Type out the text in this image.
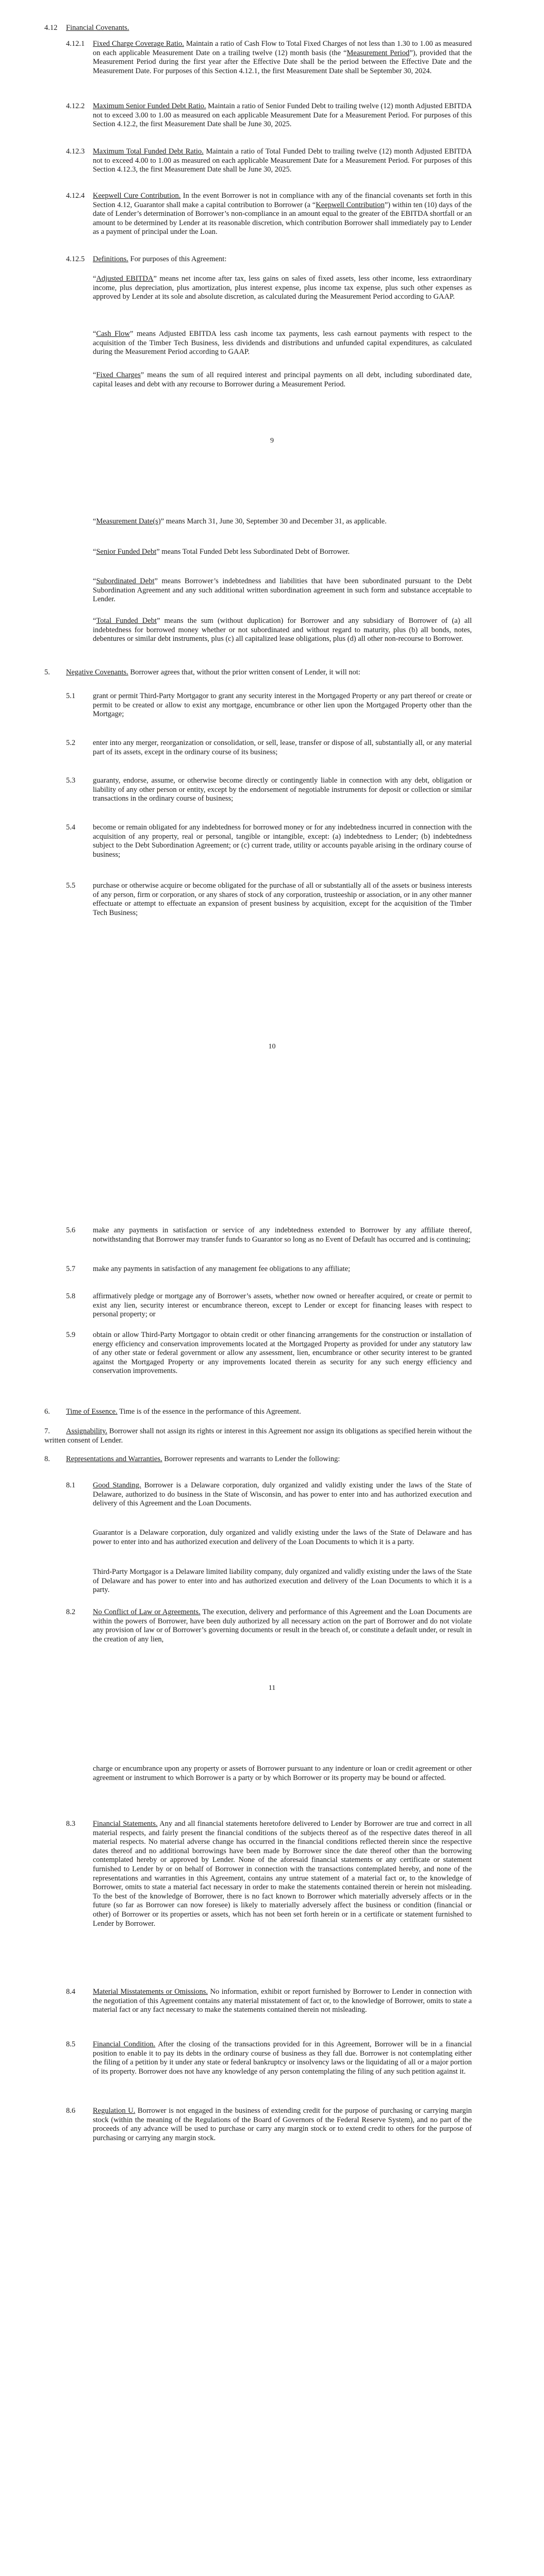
4.12 Financial Covenants.
4.12.1 Fixed Charge Coverage Ratio. Maintain a ratio of Cash Flow to Total Fixed Charges of not less than 1.30 to 1.00 as measured on each applicable Measurement Date on a trailing twelve (12) month basis (the “Measurement Period”), provided that the Measurement Period during the first year after the Effective Date shall be the period between the Effective Date and the Measurement Date. For purposes of this Section 4.12.1, the first Measurement Date shall be September 30, 2024.

4.12.2 Maximum Senior Funded Debt Ratio. Maintain a ratio of Senior Funded Debt to trailing twelve (12) month Adjusted EBITDA not to exceed 3.00 to 1.00 as measured on each applicable Measurement Date for a Measurement Period. For purposes of this Section 4.12.2, the first Measurement Date shall be June 30, 2025.

4.12.3 Maximum Total Funded Debt Ratio. Maintain a ratio of Total Funded Debt to trailing twelve (12) month Adjusted EBITDA not to exceed 4.00 to 1.00 as measured on each applicable Measurement Date for a Measurement Period. For purposes of this Section 4.12.3, the first Measurement Date shall be June 30, 2025.

4.12.4 Keepwell Cure Contribution. In the event Borrower is not in compliance with any of the financial covenants set forth in this Section 4.12, Guarantor shall make a capital contribution to Borrower (a “Keepwell Contribution”) within ten (10) days of the date of Lender’s determination of Borrower’s non-compliance in an amount equal to the greater of the EBITDA shortfall or an amount to be determined by Lender at its reasonable discretion, which contribution Borrower shall immediately pay to Lender as a payment of principal under the Loan.

4.12.5 Definitions. For purposes of this Agreement:

“Adjusted EBITDA” means net income after tax, less gains on sales of fixed assets, less other income, less extraordinary income, plus depreciation, plus amortization, plus interest expense, plus income tax expense, plus such other expenses as approved by Lender at its sole and absolute discretion, as calculated during the Measurement Period according to GAAP.

“Cash Flow” means Adjusted EBITDA less cash income tax payments, less cash earnout payments with respect to the acquisition of the Timber Tech Business, less dividends and distributions and unfunded capital expenditures, as calculated during the Measurement Period according to GAAP.

“Fixed Charges” means the sum of all required interest and principal payments on all debt, including subordinated date, capital leases and debt with any recourse to Borrower during a Measurement Period.

9

“Measurement Date(s)” means March 31, June 30, September 30 and December 31, as applicable.

“Senior Funded Debt” means Total Funded Debt less Subordinated Debt of Borrower.

“Subordinated Debt” means Borrower’s indebtedness and liabilities that have been subordinated pursuant to the Debt Subordination Agreement and any such additional written subordination agreement in such form and substance acceptable to Lender.

“Total Funded Debt” means the sum (without duplication) for Borrower and any subsidiary of Borrower of (a) all indebtedness for borrowed money whether or not subordinated and without regard to maturity, plus (b) all bonds, notes, debentures or similar debt instruments, plus (c) all capitalized lease obligations, plus (d) all other non-recourse to Borrower.

5. Negative Covenants. Borrower agrees that, without the prior written consent of Lender, it will not:

5.1 grant or permit Third-Party Mortgagor to grant any security interest in the Mortgaged Property or any part thereof or create or permit to be created or allow to exist any mortgage, encumbrance or other lien upon the Mortgaged Property other than the Mortgage;

5.2 enter into any merger, reorganization or consolidation, or sell, lease, transfer or dispose of all, substantially all, or any material part of its assets, except in the ordinary course of its business;

5.3 guaranty, endorse, assume, or otherwise become directly or contingently liable in connection with any debt, obligation or liability of any other person or entity, except by the endorsement of negotiable instruments for deposit or collection or similar transactions in the ordinary course of business;

5.4 become or remain obligated for any indebtedness for borrowed money or for any indebtedness incurred in connection with the acquisition of any property, real or personal, tangible or intangible, except: (a) indebtedness to Lender; (b) indebtedness subject to the Debt Subordination Agreement; or (c) current trade, utility or accounts payable arising in the ordinary course of business;

5.5 purchase or otherwise acquire or become obligated for the purchase of all or substantially all of the assets or business interests of any person, firm or corporation, or any shares of stock of any corporation, trusteeship or association, or in any other manner effectuate or attempt to effectuate an expansion of present business by acquisition, except for the acquisition of the Timber Tech Business;

10
5.6 make any payments in satisfaction or service of any indebtedness extended to Borrower by any affiliate thereof, notwithstanding that Borrower may transfer funds to Guarantor so long as no Event of Default has occurred and is continuing;

5.7 make any payments in satisfaction of any management fee obligations to any affiliate;

5.8 affirmatively pledge or mortgage any of Borrower’s assets, whether now owned or hereafter acquired, or create or permit to exist any lien, security interest or encumbrance thereon, except to Lender or except for financing leases with respect to personal property; or

5.9 obtain or allow Third-Party Mortgagor to obtain credit or other financing arrangements for the construction or installation of energy efficiency and conservation improvements located at the Mortgaged Property as provided for under any statutory law of any other state or federal government or allow any assessment, lien, encumbrance or other security interest to be granted against the Mortgaged Property or any improvements located therein as security for any such energy efficiency and conservation improvements.

6. Time of Essence. Time is of the essence in the performance of this Agreement.

7. Assignability. Borrower shall not assign its rights or interest in this Agreement nor assign its obligations as specified herein without the written consent of Lender.

8. Representations and Warranties. Borrower represents and warrants to Lender the following:

8.1 Good Standing. Borrower is a Delaware corporation, duly organized and validly existing under the laws of the State of Delaware, authorized to do business in the State of Wisconsin, and has power to enter into and has authorized execution and delivery of this Agreement and the Loan Documents.

Guarantor is a Delaware corporation, duly organized and validly existing under the laws of the State of Delaware and has power to enter into and has authorized execution and delivery of the Loan Documents to which it is a party.

Third-Party Mortgagor is a Delaware limited liability company, duly organized and validly existing under the laws of the State of Delaware and has power to enter into and has authorized execution and delivery of the Loan Documents to which it is a party.

8.2 No Conflict of Law or Agreements. The execution, delivery and performance of this Agreement and the Loan Documents are within the powers of Borrower, have been duly authorized by all necessary action on the part of Borrower and do not violate any provision of law or of Borrower’s governing documents or result in the breach of, or constitute a default under, or result in the creation of any lien,

11

charge or encumbrance upon any property or assets of Borrower pursuant to any indenture or loan or credit agreement or other agreement or instrument to which Borrower is a party or by which Borrower or its property may be bound or affected.

8.3 Financial Statements. Any and all financial statements heretofore delivered to Lender by Borrower are true and correct in all material respects, and fairly present the financial conditions of the subjects thereof as of the respective dates thereof in all material respects. No material adverse change has occurred in the financial conditions reflected therein since the respective dates thereof and no additional borrowings have been made by Borrower since the date thereof other than the borrowing contemplated hereby or approved by Lender. None of the aforesaid financial statements or any certificate or statement furnished to Lender by or on behalf of Borrower in connection with the transactions contemplated hereby, and none of the representations and warranties in this Agreement, contains any untrue statement of a material fact or, to the knowledge of Borrower, omits to state a material fact necessary in order to make the statements contained therein or herein not misleading. To the best of the knowledge of Borrower, there is no fact known to Borrower which materially adversely affects or in the future (so far as Borrower can now foresee) is likely to materially adversely affect the business or condition (financial or other) of Borrower or its properties or assets, which has not been set forth herein or in a certificate or statement furnished to Lender by Borrower.

8.4 Material Misstatements or Omissions. No information, exhibit or report furnished by Borrower to Lender in connection with the negotiation of this Agreement contains any material misstatement of fact or, to the knowledge of Borrower, omits to state a material fact or any fact necessary to make the statements contained therein not misleading.

8.5 Financial Condition. After the closing of the transactions provided for in this Agreement, Borrower will be in a financial position to enable it to pay its debts in the ordinary course of business as they fall due. Borrower is not contemplating either the filing of a petition by it under any state or federal bankruptcy or insolvency laws or the liquidating of all or a major portion of its property. Borrower does not have any knowledge of any person contemplating the filing of any such petition against it.

8.6 Regulation U. Borrower is not engaged in the business of extending credit for the purpose of purchasing or carrying margin stock (within the meaning of the Regulations of the Board of Governors of the Federal Reserve System), and no part of the proceeds of any advance will be used to purchase or carry any margin stock or to extend credit to others for the purpose of purchasing or carrying any margin stock.
